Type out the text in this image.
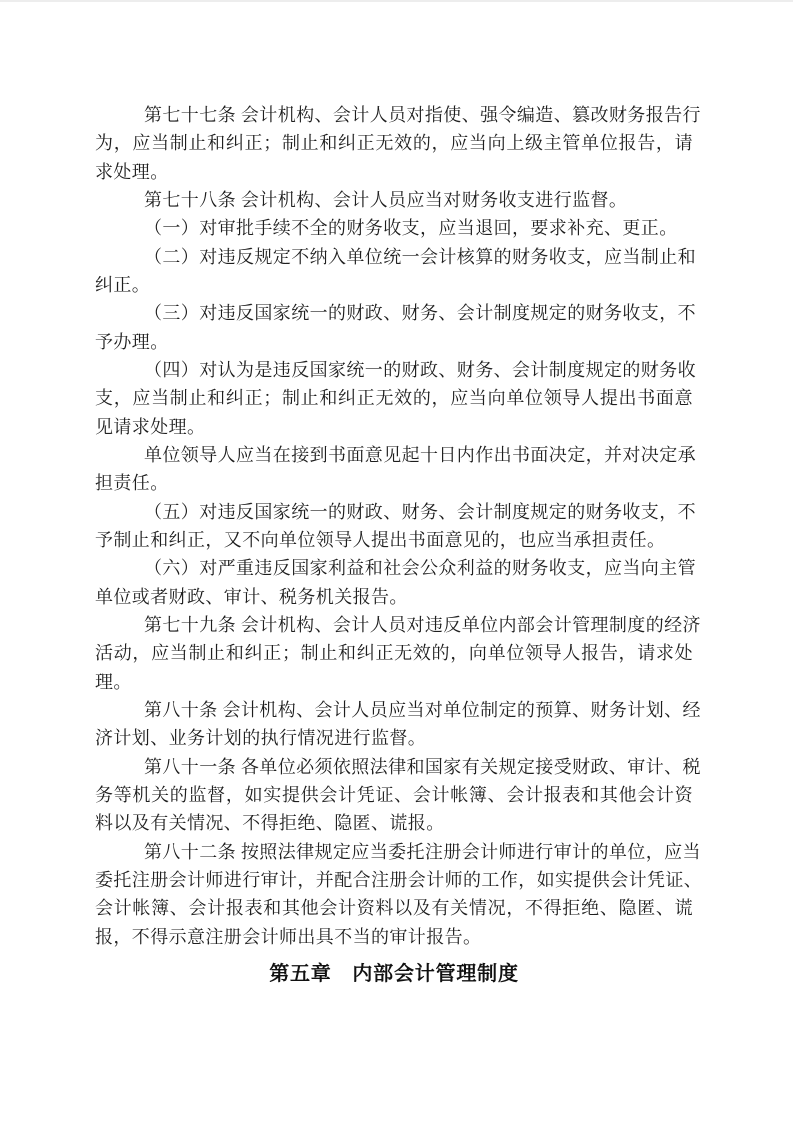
第七十七条 会计机构、会计人员对指使、强令编造、篡改财务报告行
为，应当制止和纠正；制止和纠正无效的，应当向上级主管单位报告，请
求处理。

第七十八条 会计机构、会计人员应当对财务收支进行监督。

（一）对审批手续不全的财务收支，应当退回，要求补充、更正。

（二）对违反规定不纳入单位统一会计核算的财务收支，应当制止和
纠正。

（三）对违反国家统一的财政、财务、会计制度规定的财务收支，不
予办理。

（四）对认为是违反国家统一的财政、财务、会计制度规定的财务收
支，应当制止和纠正；制止和纠正无效的，应当向单位领导人提出书面意
见请求处理。

单位领导人应当在接到书面意见起十日内作出书面决定，并对决定承
担责任。

（五）对违反国家统一的财政、财务、会计制度规定的财务收支，不
予制止和纠正，又不向单位领导人提出书面意见的，也应当承担责任。

（六）对严重违反国家利益和社会公众利益的财务收支，应当向主管
单位或者财政、审计、税务机关报告。

第七十九条 会计机构、会计人员对违反单位内部会计管理制度的经济
活动，应当制止和纠正；制止和纠正无效的，向单位领导人报告，请求处
理。

第八十条 会计机构、会计人员应当对单位制定的预算、财务计划、经
济计划、业务计划的执行情况进行监督。

第八十一条 各单位必须依照法律和国家有关规定接受财政、审计、税
务等机关的监督，如实提供会计凭证、会计帐簿、会计报表和其他会计资
料以及有关情况、不得拒绝、隐匿、谎报。

第八十二条 按照法律规定应当委托注册会计师进行审计的单位，应当
委托注册会计师进行审计，并配合注册会计师的工作，如实提供会计凭证、
会计帐簿、会计报表和其他会计资料以及有关情况，不得拒绝、隐匿、谎
报，不得示意注册会计师出具不当的审计报告。

第五章　内部会计管理制度
